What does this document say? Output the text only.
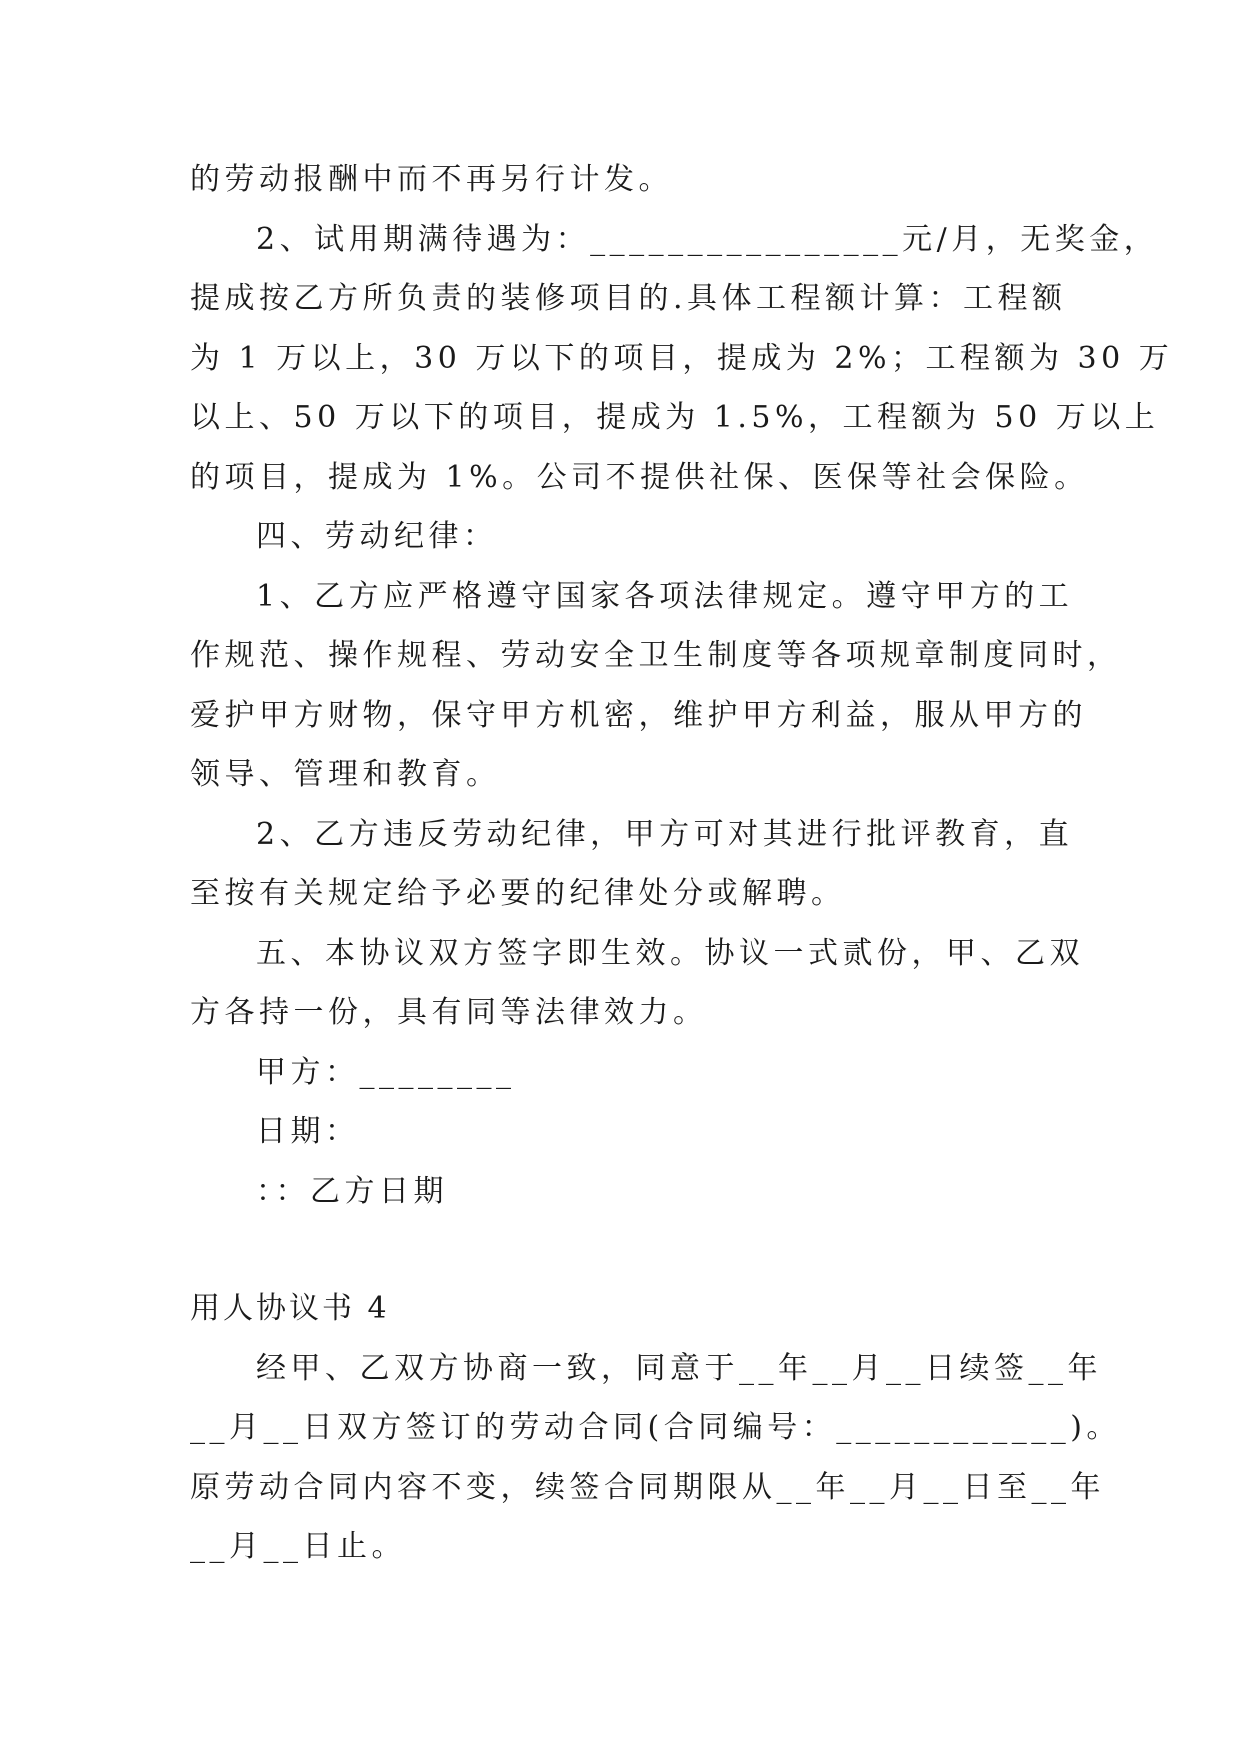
的劳动报酬中而不再另行计发。
2、试用期满待遇为：________________元/月，无奖金，
提成按乙方所负责的装修项目的.具体工程额计算：工程额
为 1 万以上，30 万以下的项目，提成为 2%；工程额为 30 万
以上、50 万以下的项目，提成为 1.5%，工程额为 50 万以上
的项目，提成为 1%。公司不提供社保、医保等社会保险。
四、劳动纪律：
1、乙方应严格遵守国家各项法律规定。遵守甲方的工
作规范、操作规程、劳动安全卫生制度等各项规章制度同时，
爱护甲方财物，保守甲方机密，维护甲方利益，服从甲方的
领导、管理和教育。
2、乙方违反劳动纪律，甲方可对其进行批评教育，直
至按有关规定给予必要的纪律处分或解聘。
五、本协议双方签字即生效。协议一式贰份，甲、乙双
方各持一份，具有同等法律效力。
甲方：________
日期：
：：乙方日期
用人协议书 4
经甲、乙双方协商一致，同意于__年__月__日续签__年
__月__日双方签订的劳动合同(合同编号：____________)。
原劳动合同内容不变，续签合同期限从__年__月__日至__年
__月__日止。
